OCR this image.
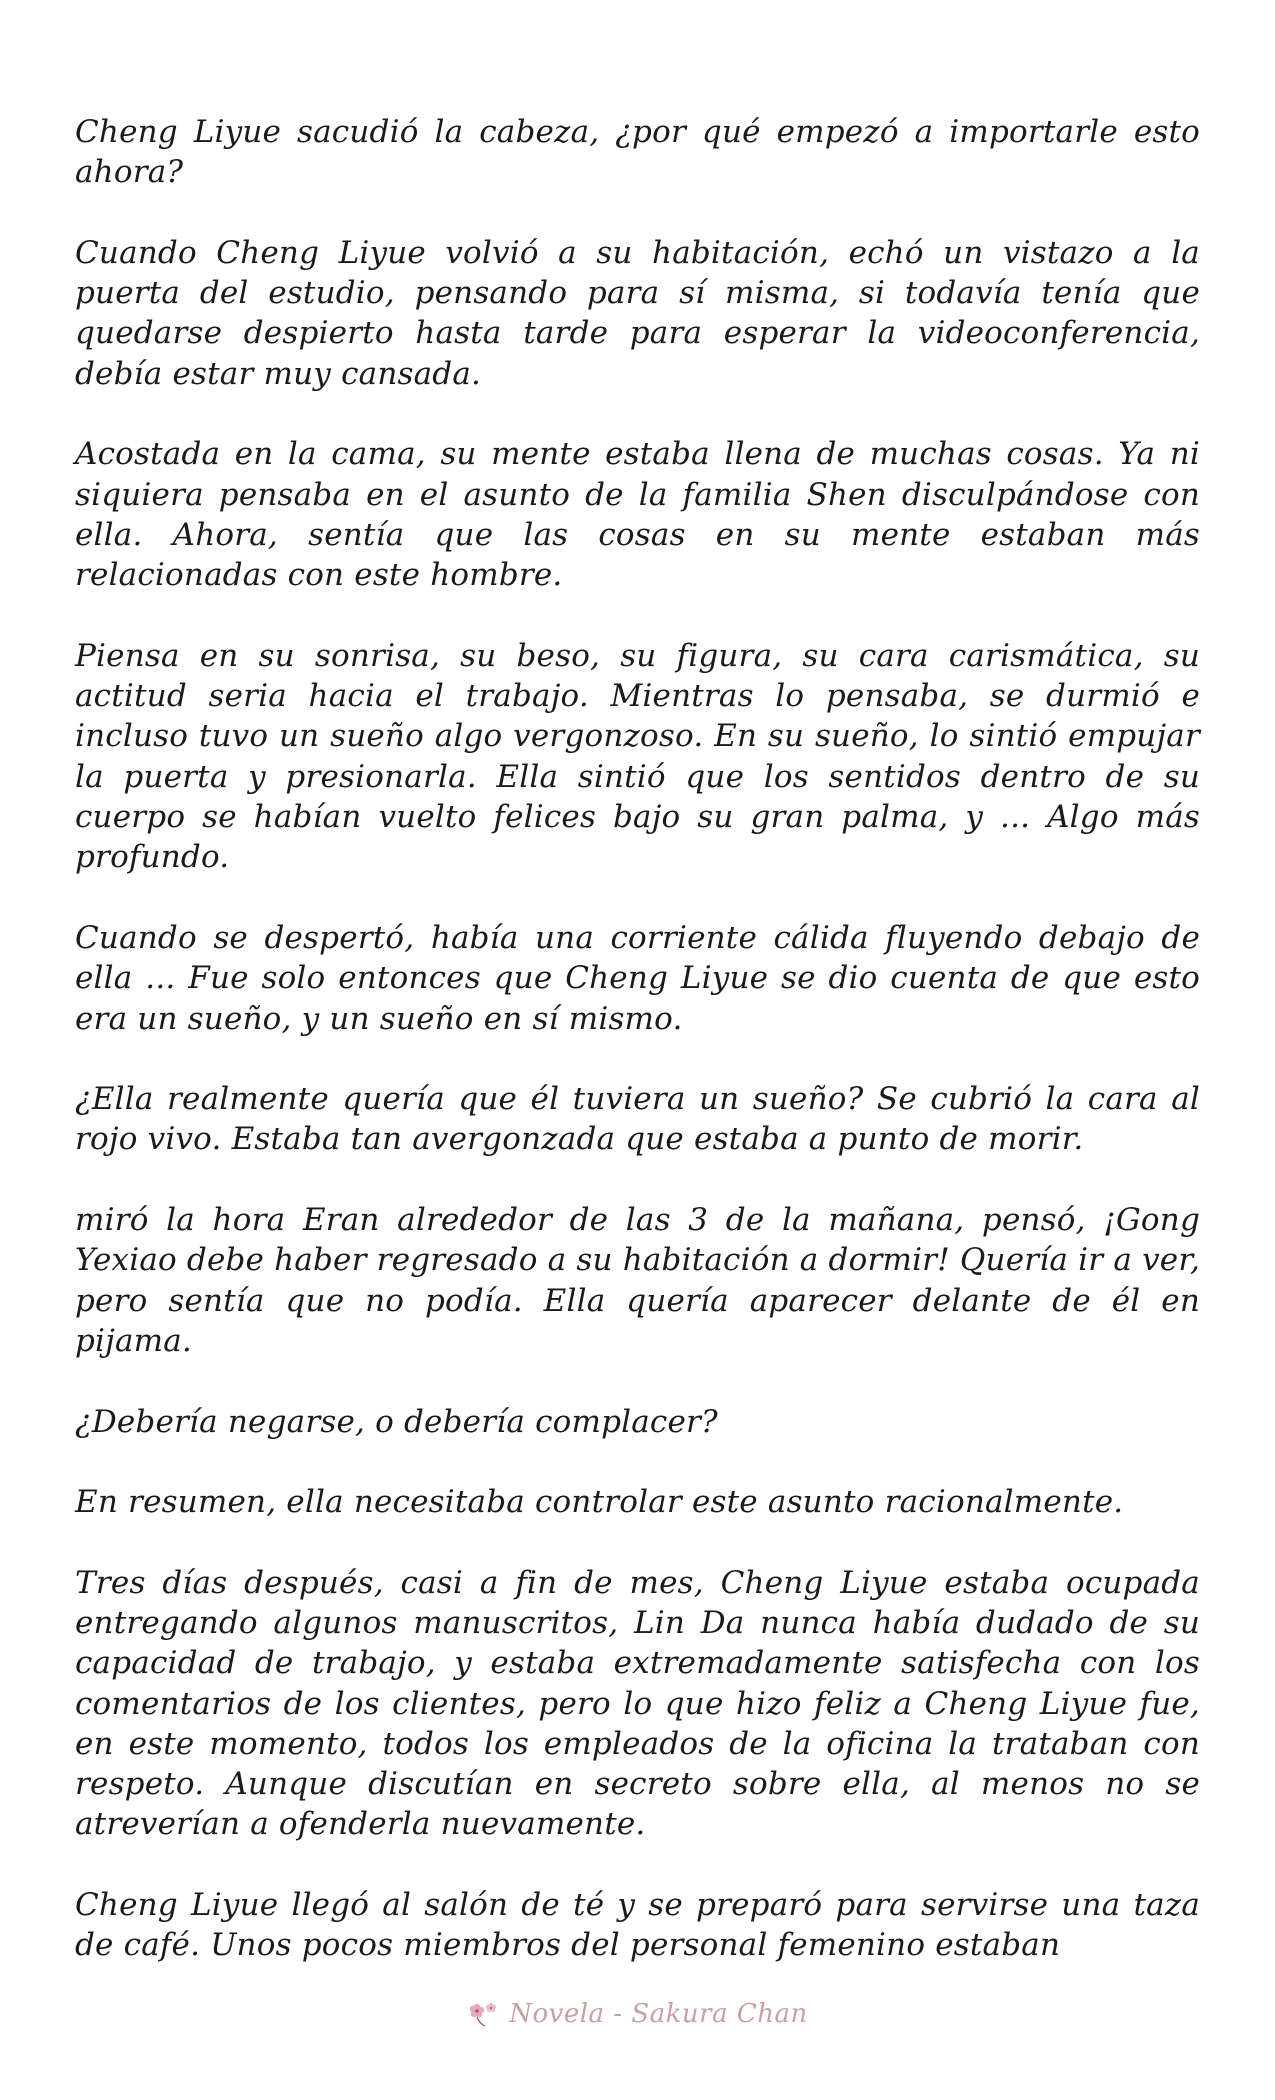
Cheng Liyue sacudió la cabeza, ¿por qué empezó a importarle esto ahora?

Cuando Cheng Liyue volvió a su habitación, echó un vistazo a la puerta del estudio, pensando para sí misma, si todavía tenía que quedarse despierto hasta tarde para esperar la videoconferencia, debía estar muy cansada.

Acostada en la cama, su mente estaba llena de muchas cosas. Ya ni siquiera pensaba en el asunto de la familia Shen disculpándose con ella. Ahora, sentía que las cosas en su mente estaban más relacionadas con este hombre.

Piensa en su sonrisa, su beso, su figura, su cara carismática, su actitud seria hacia el trabajo. Mientras lo pensaba, se durmió e incluso tuvo un sueño algo vergonzoso. En su sueño, lo sintió empujar la puerta y presionarla. Ella sintió que los sentidos dentro de su cuerpo se habían vuelto felices bajo su gran palma, y ... Algo más profundo.

Cuando se despertó, había una corriente cálida fluyendo debajo de ella ... Fue solo entonces que Cheng Liyue se dio cuenta de que esto era un sueño, y un sueño en sí mismo.

¿Ella realmente quería que él tuviera un sueño? Se cubrió la cara al rojo vivo. Estaba tan avergonzada que estaba a punto de morir.

miró la hora Eran alrededor de las 3 de la mañana, pensó, ¡Gong Yexiao debe haber regresado a su habitación a dormir! Quería ir a ver, pero sentía que no podía. Ella quería aparecer delante de él en pijama.

¿Debería negarse, o debería complacer?

En resumen, ella necesitaba controlar este asunto racionalmente.

Tres días después, casi a fin de mes, Cheng Liyue estaba ocupada entregando algunos manuscritos, Lin Da nunca había dudado de su capacidad de trabajo, y estaba extremadamente satisfecha con los comentarios de los clientes, pero lo que hizo feliz a Cheng Liyue fue, en este momento, todos los empleados de la oficina la trataban con respeto. Aunque discutían en secreto sobre ella, al menos no se atreverían a ofenderla nuevamente.

Cheng Liyue llegó al salón de té y se preparó para servirse una taza de café. Unos pocos miembros del personal femenino estaban

Novela - Sakura Chan
